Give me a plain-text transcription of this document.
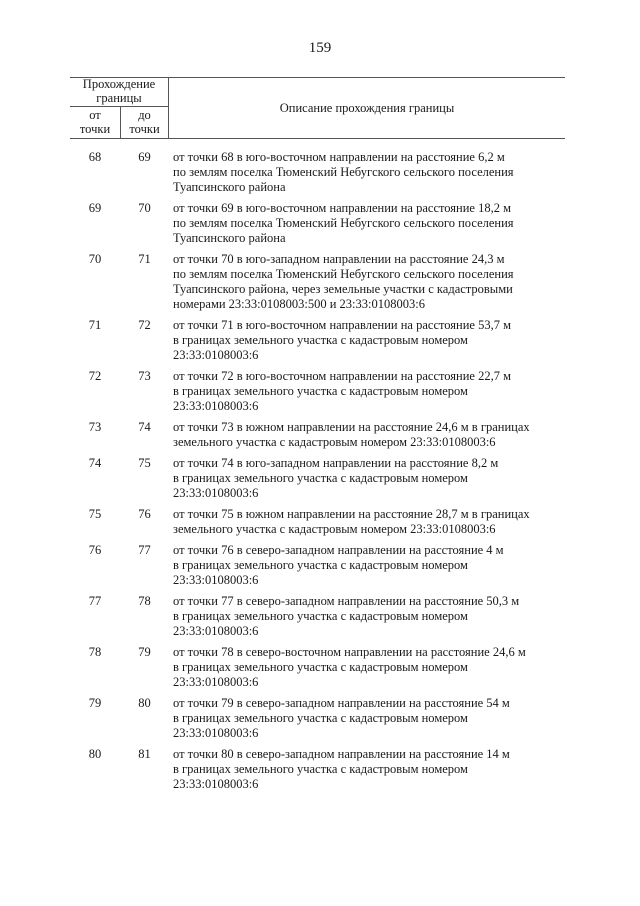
159
Прохождение
границы
от
точки
до
точки
Описание прохождения границы
68	69	от точки 68 в юго-восточном направлении на расстояние 6,2 м
по землям поселка Тюменский Небугского сельского поселения
Туапсинского района
69	70	от точки 69 в юго-восточном направлении на расстояние 18,2 м
по землям поселка Тюменский Небугского сельского поселения
Туапсинского района
70	71	от точки 70 в юго-западном направлении на расстояние 24,3 м
по землям поселка Тюменский Небугского сельского поселения
Туапсинского района, через земельные участки с кадастровыми
номерами 23:33:0108003:500 и 23:33:0108003:6
71	72	от точки 71 в юго-восточном направлении на расстояние 53,7 м
в границах земельного участка с кадастровым номером
23:33:0108003:6
72	73	от точки 72 в юго-восточном направлении на расстояние 22,7 м
в границах земельного участка с кадастровым номером
23:33:0108003:6
73	74	от точки 73 в южном направлении на расстояние 24,6 м в границах
земельного участка с кадастровым номером 23:33:0108003:6
74	75	от точки 74 в юго-западном направлении на расстояние 8,2 м
в границах земельного участка с кадастровым номером
23:33:0108003:6
75	76	от точки 75 в южном направлении на расстояние 28,7 м в границах
земельного участка с кадастровым номером 23:33:0108003:6
76	77	от точки 76 в северо-западном направлении на расстояние 4 м
в границах земельного участка с кадастровым номером
23:33:0108003:6
77	78	от точки 77 в северо-западном направлении на расстояние 50,3 м
в границах земельного участка с кадастровым номером
23:33:0108003:6
78	79	от точки 78 в северо-восточном направлении на расстояние 24,6 м
в границах земельного участка с кадастровым номером
23:33:0108003:6
79	80	от точки 79 в северо-западном направлении на расстояние 54 м
в границах земельного участка с кадастровым номером
23:33:0108003:6
80	81	от точки 80 в северо-западном направлении на расстояние 14 м
в границах земельного участка с кадастровым номером
23:33:0108003:6
